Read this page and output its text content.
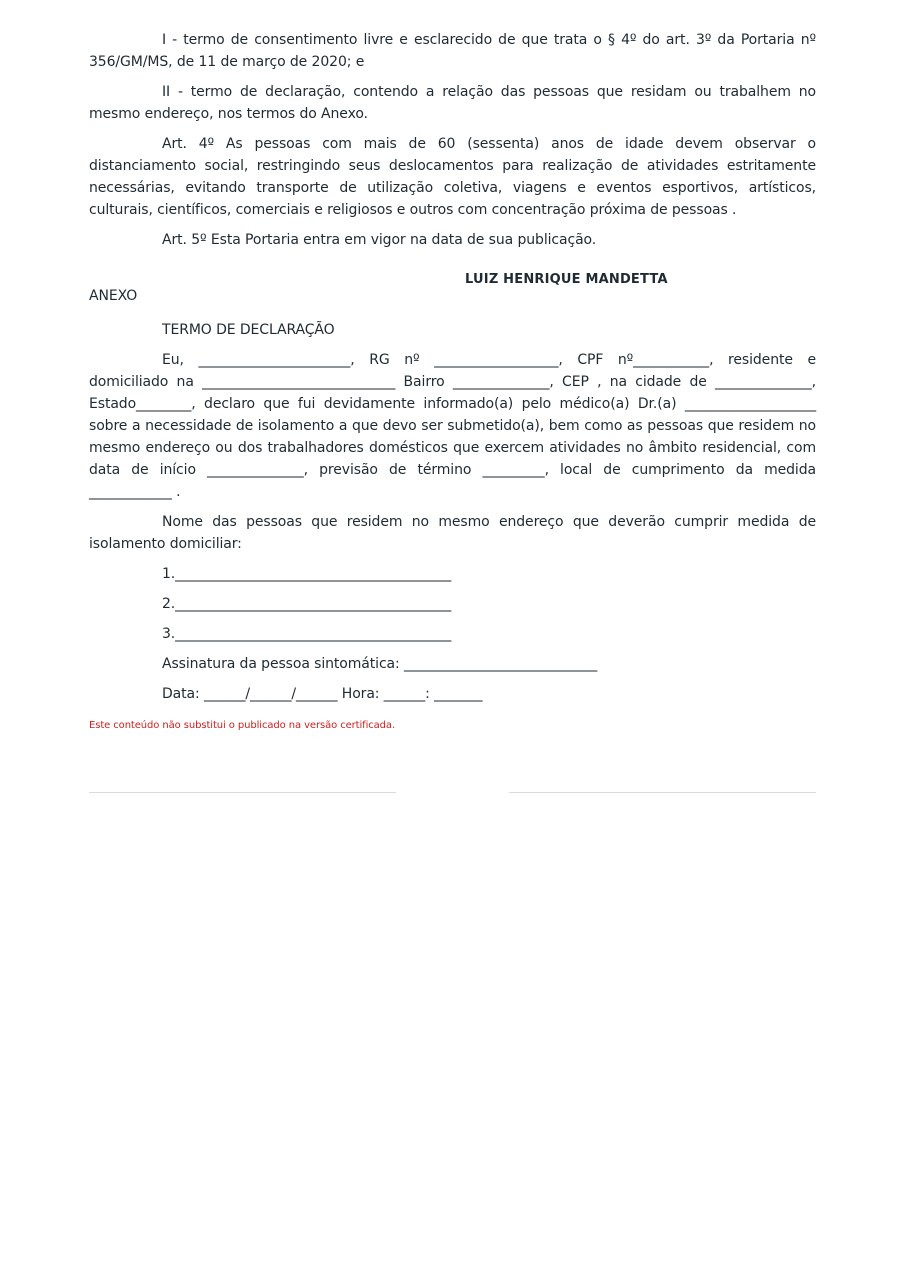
I - termo de consentimento livre e esclarecido de que trata o § 4º do art. 3º da Portaria nº 356/GM/MS, de 11 de março de 2020; e

II - termo de declaração, contendo a relação das pessoas que residam ou trabalhem no mesmo endereço, nos termos do Anexo.

Art. 4º As pessoas com mais de 60 (sessenta) anos de idade devem observar o distanciamento social, restringindo seus deslocamentos para realização de atividades estritamente necessárias, evitando transporte de utilização coletiva, viagens e eventos esportivos, artísticos, culturais, científicos, comerciais e religiosos e outros com concentração próxima de pessoas .

Art. 5º Esta Portaria entra em vigor na data de sua publicação.

LUIZ HENRIQUE MANDETTA

ANEXO

TERMO DE DECLARAÇÃO

Eu, ______________________, RG nº __________________, CPF nº___________, residente e domiciliado na ____________________________ Bairro ______________, CEP , na cidade de ______________, Estado________, declaro que fui devidamente informado(a) pelo médico(a) Dr.(a) ___________________ sobre a necessidade de isolamento a que devo ser submetido(a), bem como as pessoas que residem no mesmo endereço ou dos trabalhadores domésticos que exercem atividades no âmbito residencial, com data de início ______________, previsão de término _________, local de cumprimento da medida ____________ .

Nome das pessoas que residem no mesmo endereço que deverão cumprir medida de isolamento domiciliar:

1.________________________________________

2.________________________________________

3.________________________________________

Assinatura da pessoa sintomática: ____________________________

Data: ______/______/______ Hora: ______: _______

Este conteúdo não substitui o publicado na versão certificada.
